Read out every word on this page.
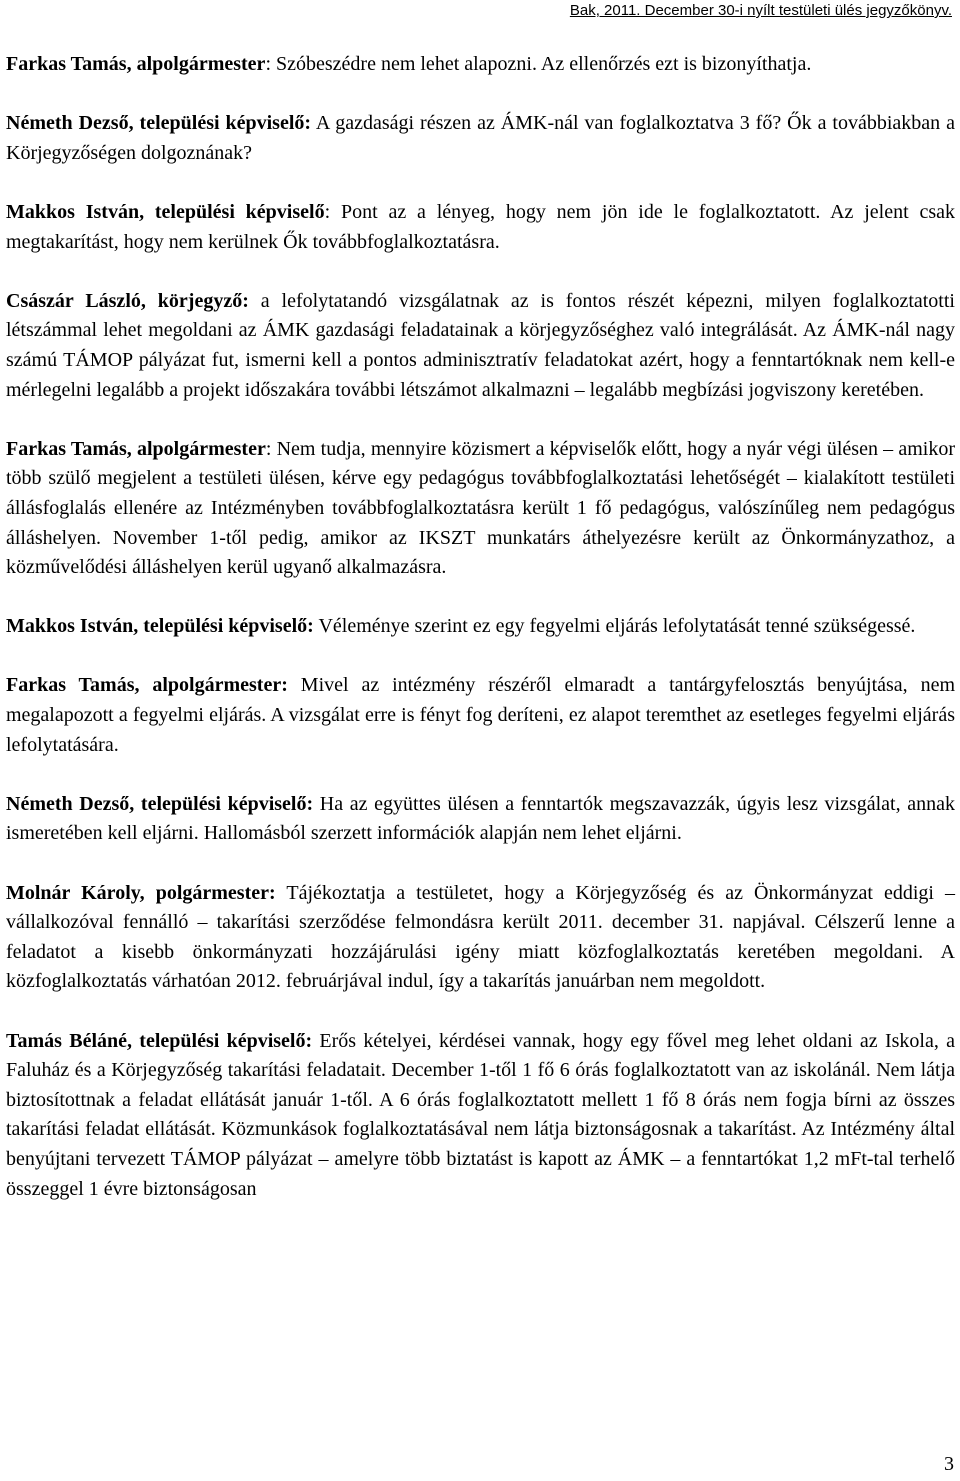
Bak, 2011. December 30-i nyílt testületi ülés jegyzőkönyv.

Farkas Tamás, alpolgármester: Szóbeszédre nem lehet alapozni. Az ellenőrzés ezt is bizonyíthatja.

Németh Dezső, települési képviselő: A gazdasági részen az ÁMK-nál van foglalkoztatva 3 fő? Ők a továbbiakban a Körjegyzőségen dolgoznának?

Makkos István, települési képviselő: Pont az a lényeg, hogy nem jön ide le foglalkoztatott. Az jelent csak megtakarítást, hogy nem kerülnek Ők továbbfoglalkoztatásra.

Császár László, körjegyző: a lefolytatandó vizsgálatnak az is fontos részét képezni, milyen foglalkoztatotti létszámmal lehet megoldani az ÁMK gazdasági feladatainak a körjegyzőséghez való integrálását. Az ÁMK-nál nagy számú TÁMOP pályázat fut, ismerni kell a pontos adminisztratív feladatokat azért, hogy a fenntartóknak nem kell-e mérlegelni legalább a projekt időszakára további létszámot alkalmazni – legalább megbízási jogviszony keretében.

Farkas Tamás, alpolgármester: Nem tudja, mennyire közismert a képviselők előtt, hogy a nyár végi ülésen – amikor több szülő megjelent a testületi ülésen, kérve egy pedagógus továbbfoglalkoztatási lehetőségét – kialakított testületi állásfoglalás ellenére az Intézményben továbbfoglalkoztatásra került 1 fő pedagógus, valószínűleg nem pedagógus álláshelyen. November 1-től pedig, amikor az IKSZT munkatárs áthelyezésre került az Önkormányzathoz, a közművelődési álláshelyen kerül ugyanő alkalmazásra.

Makkos István, települési képviselő: Véleménye szerint ez egy fegyelmi eljárás lefolytatását tenné szükségessé.

Farkas Tamás, alpolgármester: Mivel az intézmény részéről elmaradt a tantárgyfelosztás benyújtása, nem megalapozott a fegyelmi eljárás. A vizsgálat erre is fényt fog deríteni, ez alapot teremthet az esetleges fegyelmi eljárás lefolytatására.

Németh Dezső, települési képviselő: Ha az együttes ülésen a fenntartók megszavazzák, úgyis lesz vizsgálat, annak ismeretében kell eljárni. Hallomásból szerzett információk alapján nem lehet eljárni.

Molnár Károly, polgármester: Tájékoztatja a testületet, hogy a Körjegyzőség és az Önkormányzat eddigi – vállalkozóval fennálló – takarítási szerződése felmondásra került 2011. december 31. napjával. Célszerű lenne a feladatot a kisebb önkormányzati hozzájárulási igény miatt közfoglalkoztatás keretében megoldani. A közfoglalkoztatás várhatóan 2012. februárjával indul, így a takarítás januárban nem megoldott.

Tamás Béláné, települési képviselő: Erős kételyei, kérdései vannak, hogy egy fővel meg lehet oldani az Iskola, a Faluház és a Körjegyzőség takarítási feladatait. December 1-től 1 fő 6 órás foglalkoztatott van az iskolánál. Nem látja biztosítottnak a feladat ellátását január 1-től. A 6 órás foglalkoztatott mellett 1 fő 8 órás nem fogja bírni az összes takarítási feladat ellátását. Közmunkások foglalkoztatásával nem látja biztonságosnak a takarítást. Az Intézmény által benyújtani tervezett TÁMOP pályázat – amelyre több biztatást is kapott az ÁMK – a fenntartókat 1,2 mFt-tal terhelő összeggel 1 évre biztonságosan

3
